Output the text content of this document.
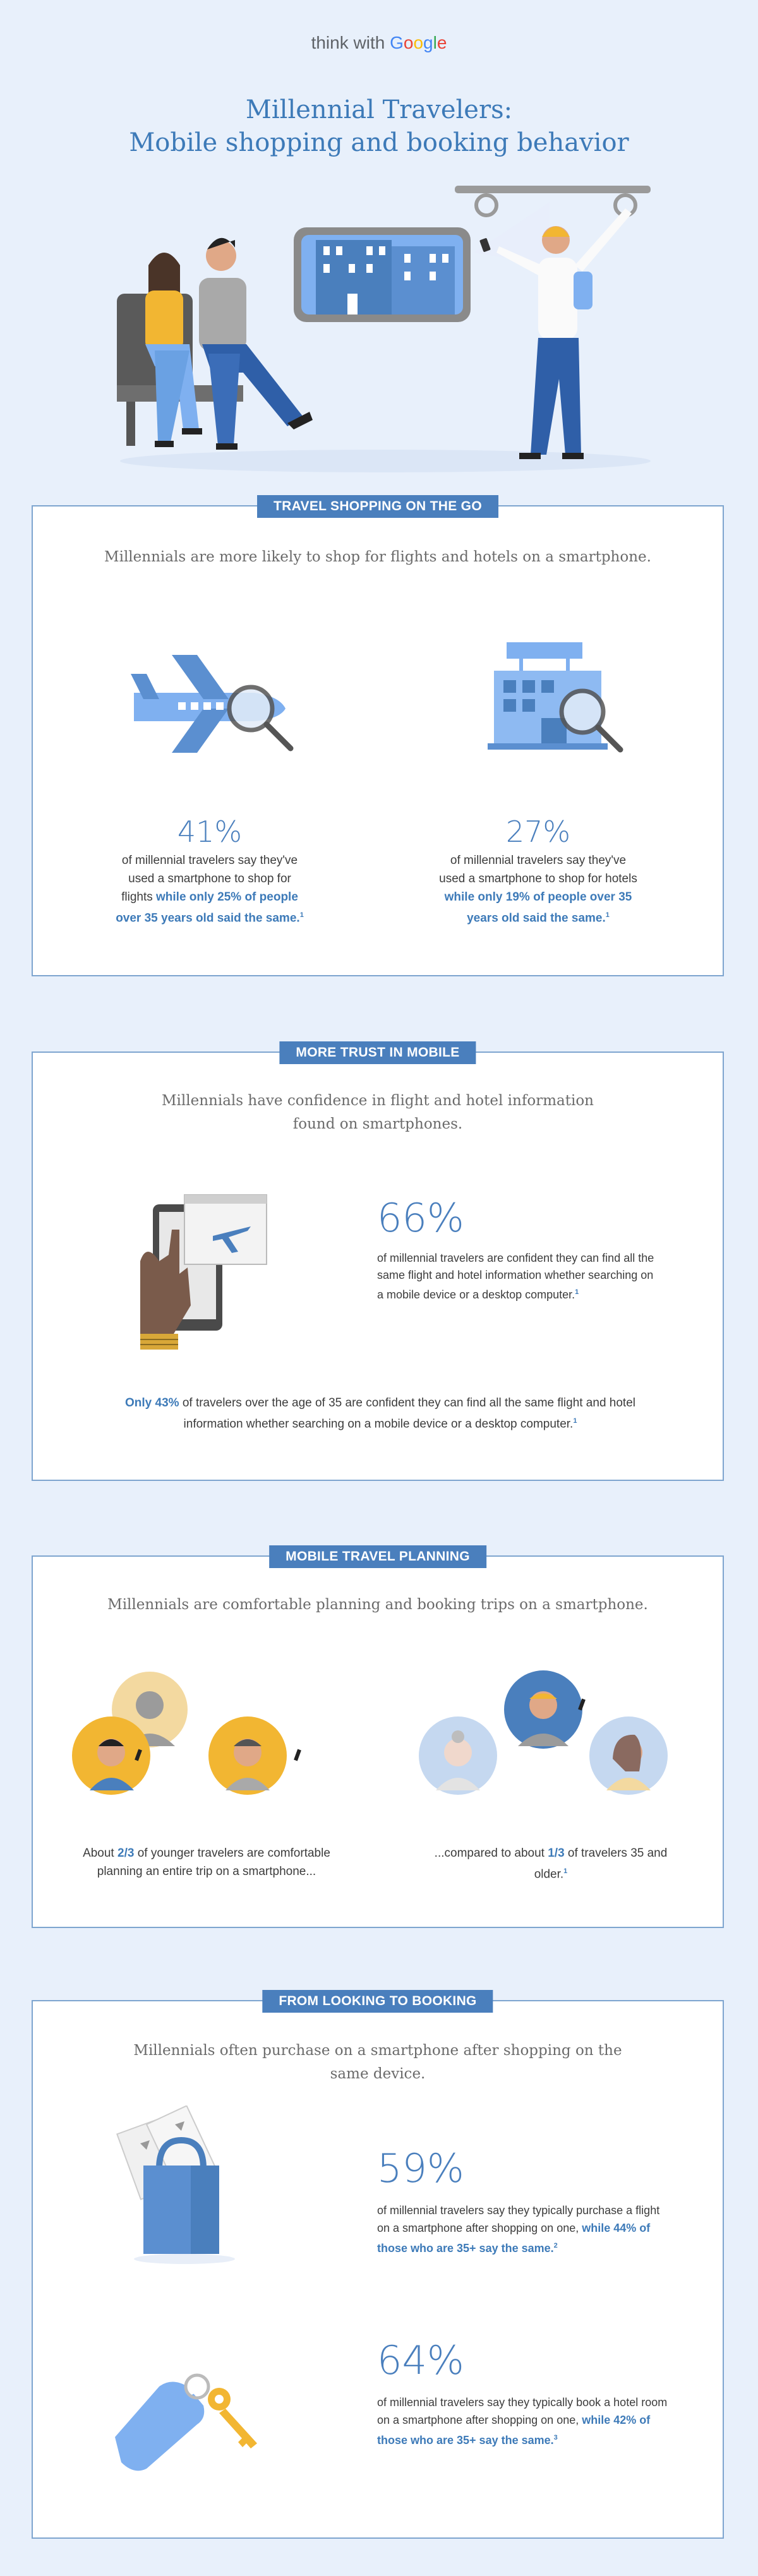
think with Google
Millennial Travelers:
Mobile shopping and booking behavior
TRAVEL SHOPPING ON THE GO
Millennials are more likely to shop for flights and hotels on a smartphone.
41%
of millennial travelers say they've used a smartphone to shop for flights while only 25% of people over 35 years old said the same.$^1$
27%
of millennial travelers say they've used a smartphone to shop for hotels while only 19% of people over 35 years old said the same.$^1$
MORE TRUST IN MOBILE
Millennials have confidence in flight and hotel information
found on smartphones.
66%
of millennial travelers are confident they can find all the same flight and hotel information whether searching on a mobile device or a desktop computer.$^1$
Only 43% of travelers over the age of 35 are confident they can find all the same flight and hotel information whether searching on a mobile device or a desktop computer.$^1$
MOBILE TRAVEL PLANNING
Millennials are comfortable planning and booking trips on a smartphone.
About 2/3 of younger travelers are comfortable planning an entire trip on a smartphone...
...compared to about 1/3 of travelers 35 and older.$^1$
FROM LOOKING TO BOOKING
Millennials often purchase on a smartphone after shopping on the
same device.
59%
of millennial travelers say they typically purchase a flight on a smartphone after shopping on one, while 44% of those who are 35+ say the same.$^2$
64%
of millennial travelers say they typically book a hotel room on a smartphone after shopping on one, while 42% of those who are 35+ say the same.$^3$
